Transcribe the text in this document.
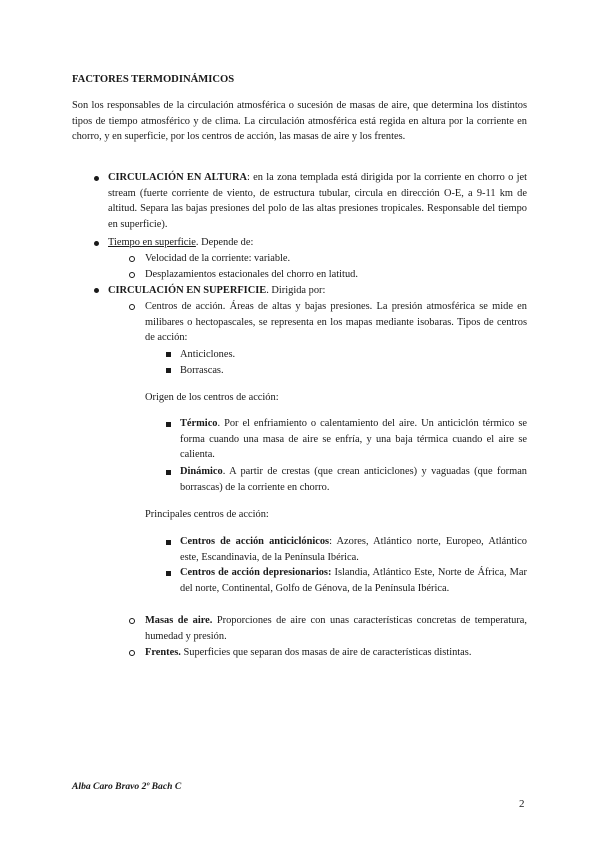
FACTORES TERMODINÁMICOS
Son los responsables de la circulación atmosférica o sucesión de masas de aire, que determina los distintos tipos de tiempo atmosférico y de clima. La circulación atmosférica está regida en altura por la corriente en chorro, y en superficie, por los centros de acción, las masas de aire y los frentes.
CIRCULACIÓN EN ALTURA: en la zona templada está dirigida por la corriente en chorro o jet stream (fuerte corriente de viento, de estructura tubular, circula en dirección O-E, a 9-11 km de altitud. Separa las bajas presiones del polo de las altas presiones tropicales. Responsable del tiempo en superficie).
Tiempo en superficie. Depende de:
Velocidad de la corriente: variable.
Desplazamientos estacionales del chorro en latitud.
CIRCULACIÓN EN SUPERFICIE. Dirigida por:
Centros de acción. Áreas de altas y bajas presiones. La presión atmosférica se mide en milibares o hectopascales, se representa en los mapas mediante isobaras. Tipos de centros de acción:
Anticiclones.
Borrascas.
Origen de los centros de acción:
Térmico. Por el enfriamiento o calentamiento del aire. Un anticiclón térmico se forma cuando una masa de aire se enfría, y una baja térmica cuando el aire se calienta.
Dinámico. A partir de crestas (que crean anticiclones) y vaguadas (que forman borrascas) de la corriente en chorro.
Principales centros de acción:
Centros de acción anticiclónicos: Azores, Atlántico norte, Europeo, Atlántico este, Escandinavia, de la Península Ibérica.
Centros de acción depresionarios: Islandia, Atlántico Este, Norte de África, Mar del norte, Continental, Golfo de Génova, de la Península Ibérica.
Masas de aire. Proporciones de aire con unas características concretas de temperatura, humedad y presión.
Frentes. Superficies que separan dos masas de aire de características distintas.
Alba Caro Bravo 2º Bach C
2
